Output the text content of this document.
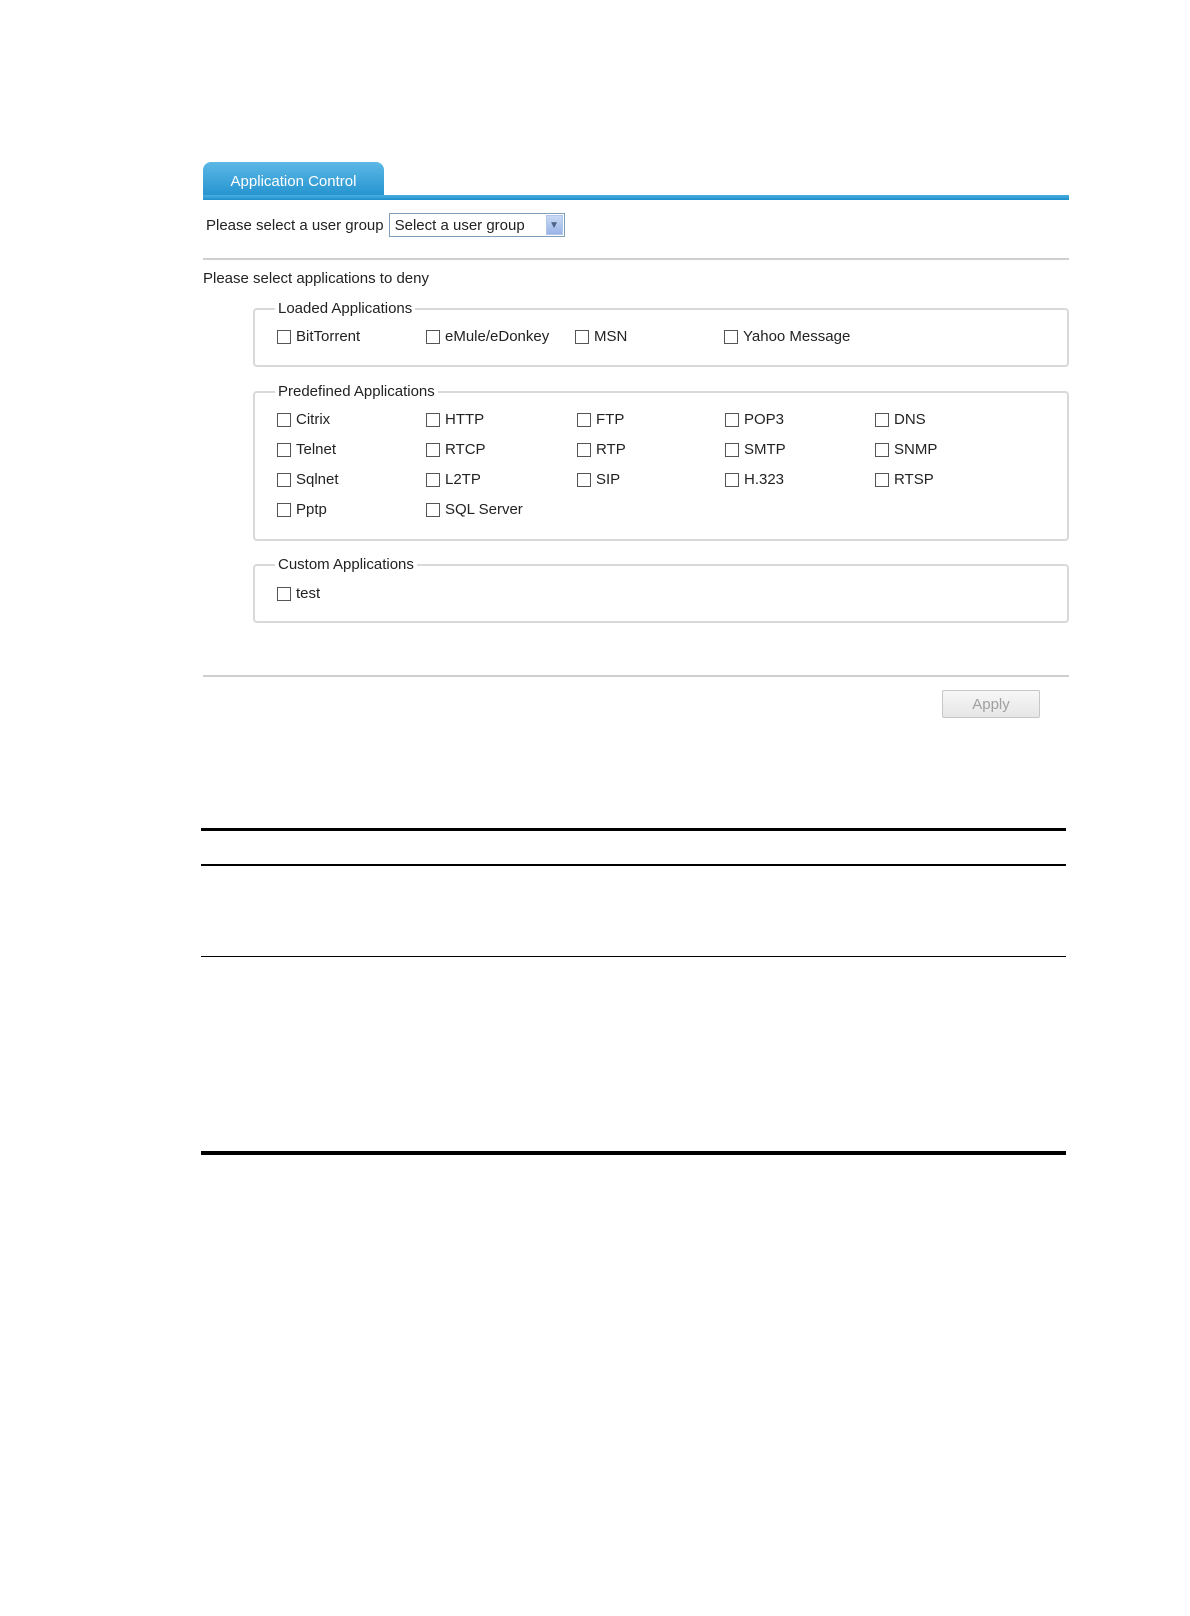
Application Control
Please select a user group Select a user group	▼
Please select applications to deny
Loaded Applications
BitTorrent	eMule/eDonkey	MSN	Yahoo Message
Predefined Applications
Citrix	HTTP	FTP	POP3	DNS
Telnet	RTCP	RTP	SMTP	SNMP
Sqlnet	L2TP	SIP	H.323	RTSP
Pptp	SQL Server
Custom Applications
test
Apply
